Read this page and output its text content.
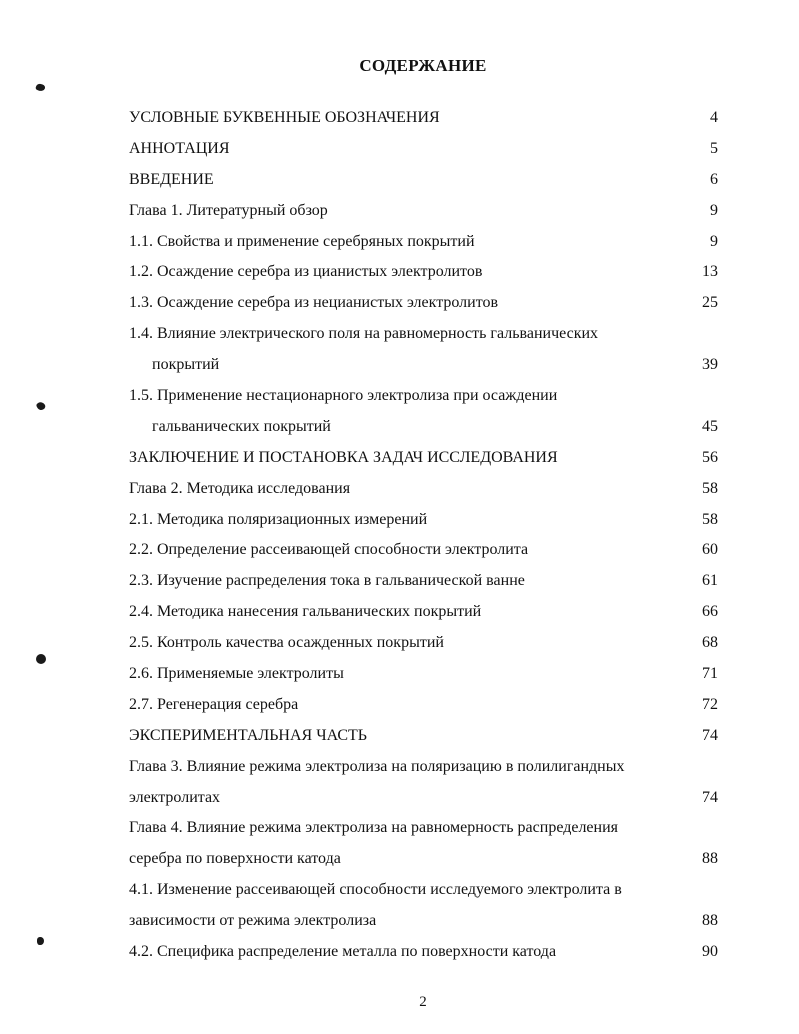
СОДЕРЖАНИЕ
УСЛОВНЫЕ БУКВЕННЫЕ ОБОЗНАЧЕНИЯ	4
АННОТАЦИЯ	5
ВВЕДЕНИЕ	6
Глава 1. Литературный обзор	9
1.1. Свойства и применение серебряных покрытий	9
1.2. Осаждение серебра из цианистых электролитов	13
1.3. Осаждение серебра из нецианистых электролитов	25
1.4. Влияние электрического поля на равномерность гальванических
покрытий	39
1.5. Применение нестационарного электролиза при осаждении
гальванических покрытий	45
ЗАКЛЮЧЕНИЕ И ПОСТАНОВКА ЗАДАЧ ИССЛЕДОВАНИЯ	56
Глава 2. Методика исследования	58
2.1. Методика поляризационных измерений	58
2.2. Определение рассеивающей способности электролита	60
2.3. Изучение распределения тока в гальванической ванне	61
2.4. Методика нанесения гальванических покрытий	66
2.5. Контроль качества осажденных покрытий	68
2.6. Применяемые электролиты	71
2.7. Регенерация серебра	72
ЭКСПЕРИМЕНТАЛЬНАЯ ЧАСТЬ	74
Глава 3. Влияние режима электролиза на поляризацию в полилигандных
электролитах	74
Глава 4. Влияние режима электролиза на равномерность распределения
серебра по поверхности катода	88
4.1. Изменение рассеивающей способности исследуемого электролита в
зависимости от режима электролиза	88
4.2. Специфика распределение металла по поверхности катода	90
2
